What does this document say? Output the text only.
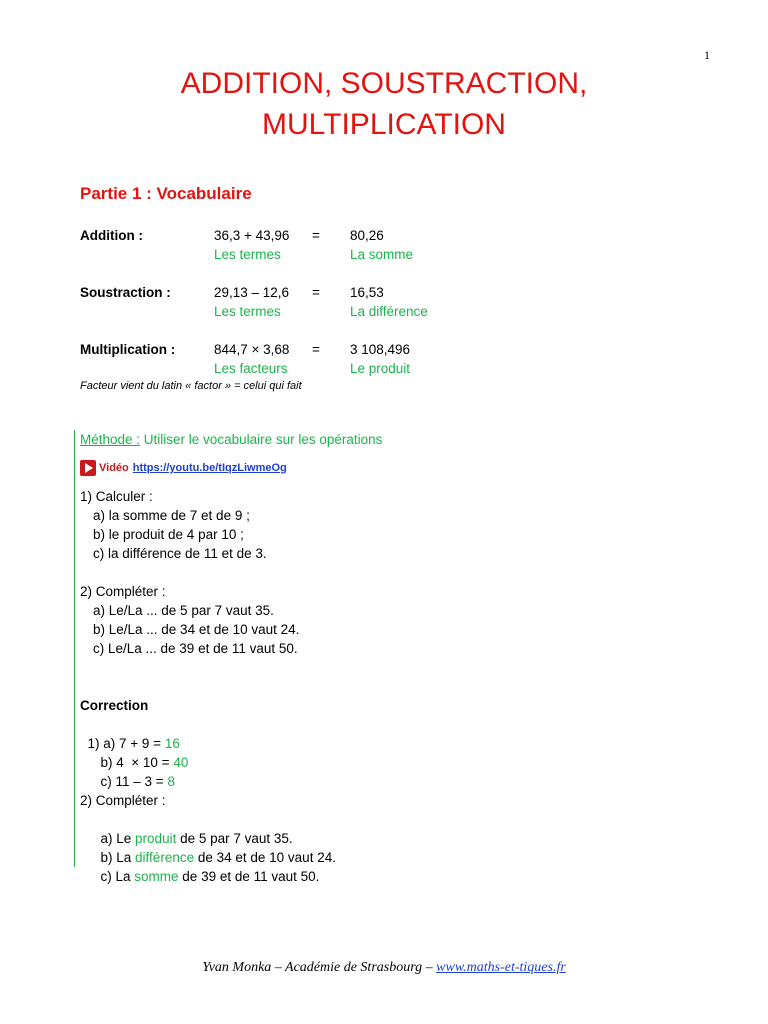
1
ADDITION, SOUSTRACTION,
MULTIPLICATION
Partie 1 : Vocabulaire
Addition :	36,3 + 43,96 = 80,26
Les termes	La somme
Soustraction :	29,13 – 12,6 = 16,53
Les termes	La différence
Multiplication :	844,7 × 3,68 = 3 108,496
Les facteurs	Le produit
Facteur vient du latin « factor » = celui qui fait
Méthode : Utiliser le vocabulaire sur les opérations
Vidéo https://youtu.be/tIqzLiwmeOg
1) Calculer :
a) la somme de 7 et de 9 ;
b) le produit de 4 par 10 ;
c) la différence de 11 et de 3.
2) Compléter :
a) Le/La ... de 5 par 7 vaut 35.
b) Le/La ... de 34 et de 10 vaut 24.
c) Le/La ... de 39 et de 11 vaut 50.
Correction

1) a) 7 + 9 = 16

b) 4  × 10 = 40

c) 11 – 3 = 8

2) Compléter :

a) Le produit de 5 par 7 vaut 35.

b) La différence de 34 et de 10 vaut 24.

c) La somme de 39 et de 11 vaut 50.

Yvan Monka – Académie de Strasbourg – www.maths-et-tiques.fr
